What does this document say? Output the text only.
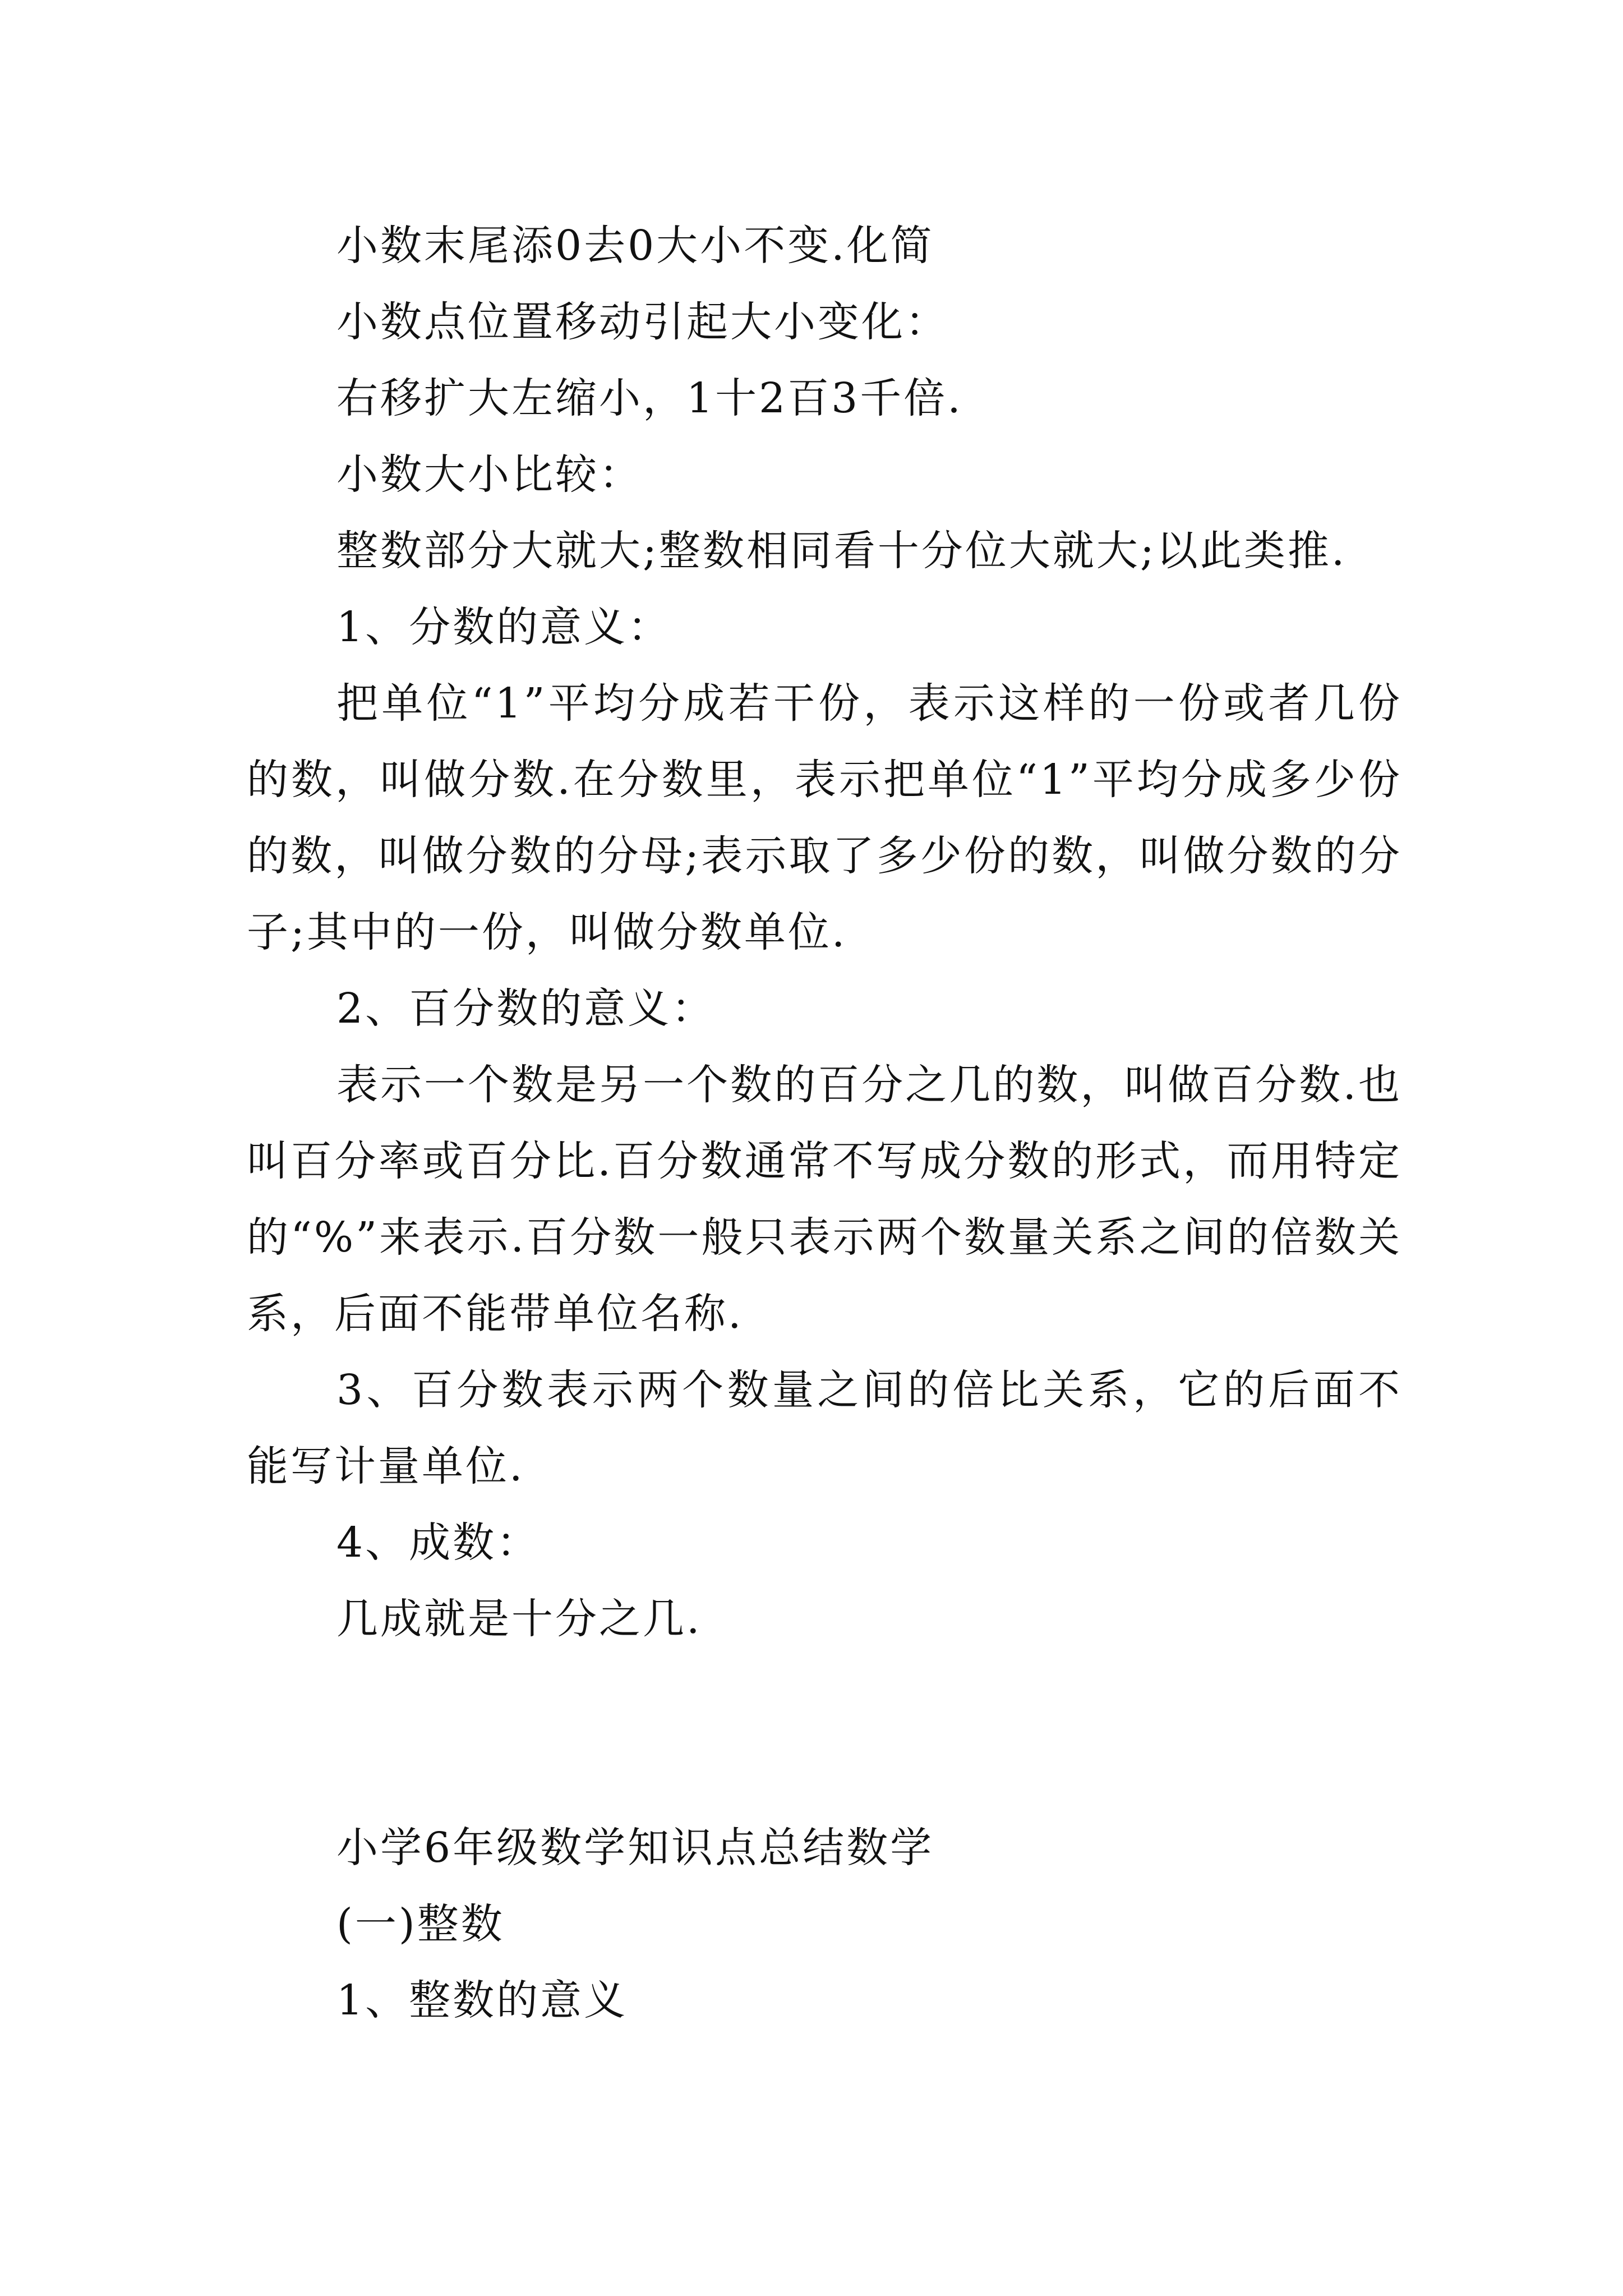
小数末尾添0去0大小不变.化简

小数点位置移动引起大小变化：

右移扩大左缩小，1十2百3千倍.

小数大小比较：

整数部分大就大;整数相同看十分位大就大;以此类推.

1、分数的意义：

把单位“1”平均分成若干份，表示这样的一份或者几份的数，叫做分数.在分数里，表示把单位“1”平均分成多少份的数，叫做分数的分母;表示取了多少份的数，叫做分数的分子;其中的一份，叫做分数单位.

2、百分数的意义：

表示一个数是另一个数的百分之几的数，叫做百分数.也叫百分率或百分比.百分数通常不写成分数的形式，而用特定的“%”来表示.百分数一般只表示两个数量关系之间的倍数关系，后面不能带单位名称.

3、百分数表示两个数量之间的倍比关系，它的后面不能写计量单位.

4、成数：

几成就是十分之几.

小学6年级数学知识点总结数学

(一)整数

1、整数的意义
